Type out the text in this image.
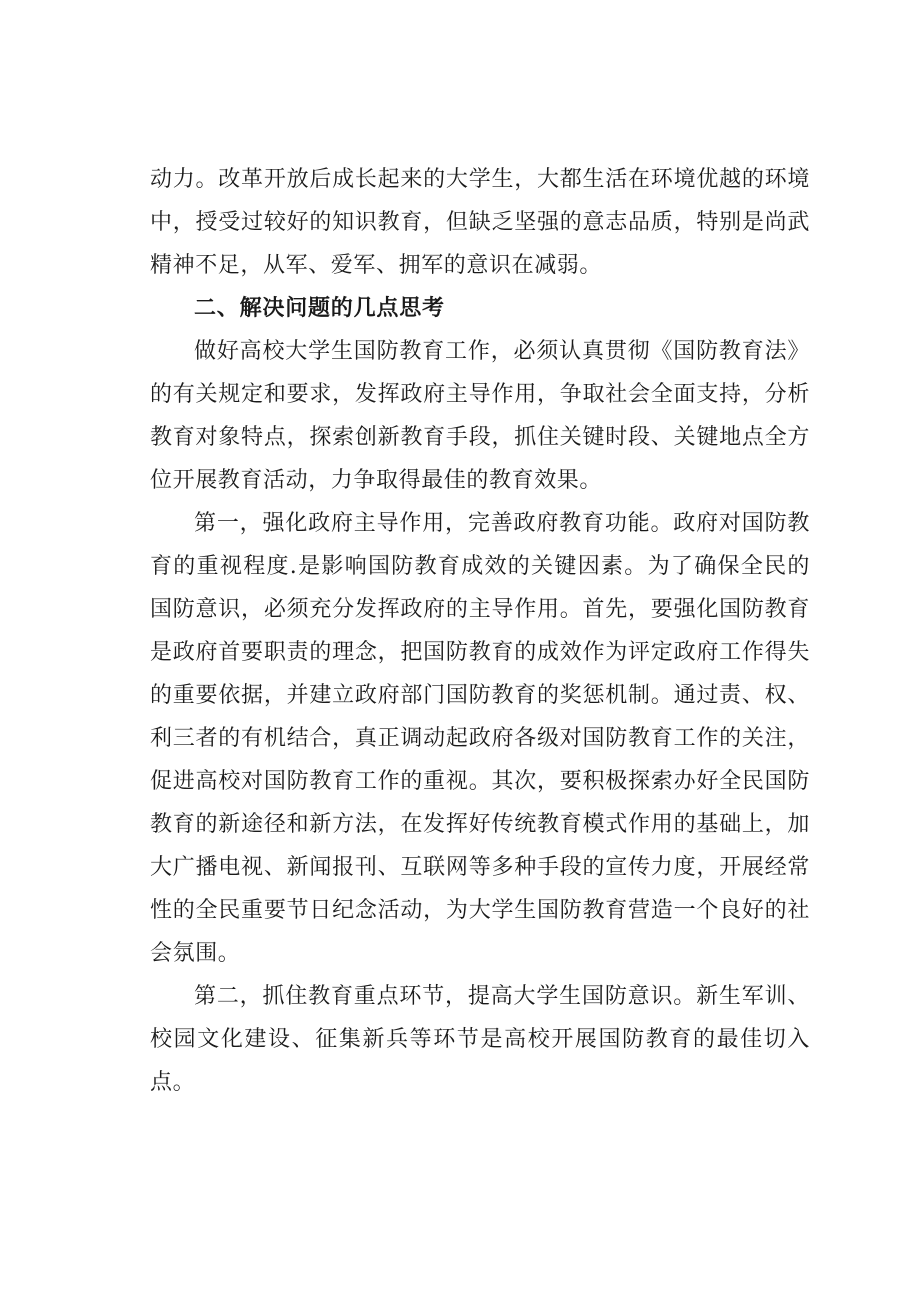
动力。改革开放后成长起来的大学生，大都生活在环境优越的环境中，授受过较好的知识教育，但缺乏坚强的意志品质，特别是尚武精神不足，从军、爱军、拥军的意识在减弱。

二、解决问题的几点思考

做好高校大学生国防教育工作，必须认真贯彻《国防教育法》的有关规定和要求，发挥政府主导作用，争取社会全面支持，分析教育对象特点，探索创新教育手段，抓住关键时段、关键地点全方位开展教育活动，力争取得最佳的教育效果。

第一，强化政府主导作用，完善政府教育功能。政府对国防教育的重视程度.是影响国防教育成效的关键因素。为了确保全民的国防意识，必须充分发挥政府的主导作用。首先，要强化国防教育是政府首要职责的理念，把国防教育的成效作为评定政府工作得失的重要依据，并建立政府部门国防教育的奖惩机制。通过责、权、利三者的有机结合，真正调动起政府各级对国防教育工作的关注，促进高校对国防教育工作的重视。其次，要积极探索办好全民国防教育的新途径和新方法，在发挥好传统教育模式作用的基础上，加大广播电视、新闻报刊、互联网等多种手段的宣传力度，开展经常性的全民重要节日纪念活动，为大学生国防教育营造一个良好的社会氛围。

第二，抓住教育重点环节，提高大学生国防意识。新生军训、校园文化建设、征集新兵等环节是高校开展国防教育的最佳切入点。
